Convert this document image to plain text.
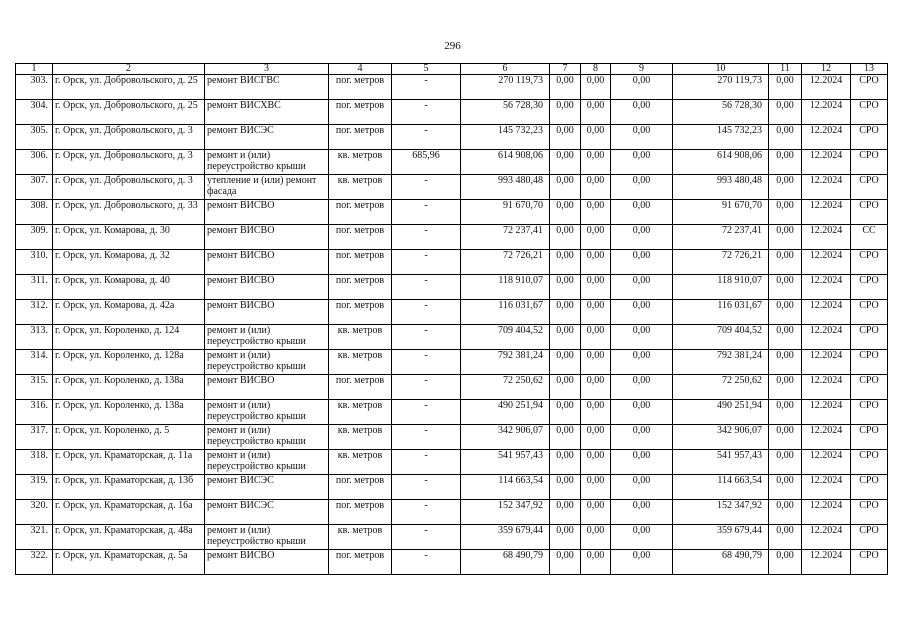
296
1	2	3	4	5	6	7	8	9	10	11	12	13
303.	г. Орск, ул. Добровольского, д. 25	ремонт ВИСГВС	пог. метров	-	270 119,73	0,00	0,00	0,00	270 119,73	0,00	12.2024	СРО
304.	г. Орск, ул. Добровольского, д. 25	ремонт ВИСХВС	пог. метров	-	56 728,30	0,00	0,00	0,00	56 728,30	0,00	12.2024	СРО
305.	г. Орск, ул. Добровольского, д. 3	ремонт ВИСЭС	пог. метров	-	145 732,23	0,00	0,00	0,00	145 732,23	0,00	12.2024	СРО
306.	г. Орск, ул. Добровольского, д. 3	ремонт и (или) переустройство крыши	кв. метров	685,96	614 908,06	0,00	0,00	0,00	614 908,06	0,00	12.2024	СРО
307.	г. Орск, ул. Добровольского, д. 3	утепление и (или) ремонт фасада	кв. метров	-	993 480,48	0,00	0,00	0,00	993 480,48	0,00	12.2024	СРО
308.	г. Орск, ул. Добровольского, д. 33	ремонт ВИСВО	пог. метров	-	91 670,70	0,00	0,00	0,00	91 670,70	0,00	12.2024	СРО
309.	г. Орск, ул. Комарова, д. 30	ремонт ВИСВО	пог. метров	-	72 237,41	0,00	0,00	0,00	72 237,41	0,00	12.2024	СС
310.	г. Орск, ул. Комарова, д. 32	ремонт ВИСВО	пог. метров	-	72 726,21	0,00	0,00	0,00	72 726,21	0,00	12.2024	СРО
311.	г. Орск, ул. Комарова, д. 40	ремонт ВИСВО	пог. метров	-	118 910,07	0,00	0,00	0,00	118 910,07	0,00	12.2024	СРО
312.	г. Орск, ул. Комарова, д. 42а	ремонт ВИСВО	пог. метров	-	116 031,67	0,00	0,00	0,00	116 031,67	0,00	12.2024	СРО
313.	г. Орск, ул. Короленко, д. 124	ремонт и (или) переустройство крыши	кв. метров	-	709 404,52	0,00	0,00	0,00	709 404,52	0,00	12.2024	СРО
314.	г. Орск, ул. Короленко, д. 128а	ремонт и (или) переустройство крыши	кв. метров	-	792 381,24	0,00	0,00	0,00	792 381,24	0,00	12.2024	СРО
315.	г. Орск, ул. Короленко, д. 138а	ремонт ВИСВО	пог. метров	-	72 250,62	0,00	0,00	0,00	72 250,62	0,00	12.2024	СРО
316.	г. Орск, ул. Короленко, д. 138а	ремонт и (или) переустройство крыши	кв. метров	-	490 251,94	0,00	0,00	0,00	490 251,94	0,00	12.2024	СРО
317.	г. Орск, ул. Короленко, д. 5	ремонт и (или) переустройство крыши	кв. метров	-	342 906,07	0,00	0,00	0,00	342 906,07	0,00	12.2024	СРО
318.	г. Орск, ул. Краматорская, д. 11а	ремонт и (или) переустройство крыши	кв. метров	-	541 957,43	0,00	0,00	0,00	541 957,43	0,00	12.2024	СРО
319.	г. Орск, ул. Краматорская, д. 13б	ремонт ВИСЭС	пог. метров	-	114 663,54	0,00	0,00	0,00	114 663,54	0,00	12.2024	СРО
320.	г. Орск, ул. Краматорская, д. 16а	ремонт ВИСЭС	пог. метров	-	152 347,92	0,00	0,00	0,00	152 347,92	0,00	12.2024	СРО
321.	г. Орск, ул. Краматорская, д. 48а	ремонт и (или) переустройство крыши	кв. метров	-	359 679,44	0,00	0,00	0,00	359 679,44	0,00	12.2024	СРО
322.	г. Орск, ул. Краматорская, д. 5а	ремонт ВИСВО	пог. метров	-	68 490,79	0,00	0,00	0,00	68 490,79	0,00	12.2024	СРО
